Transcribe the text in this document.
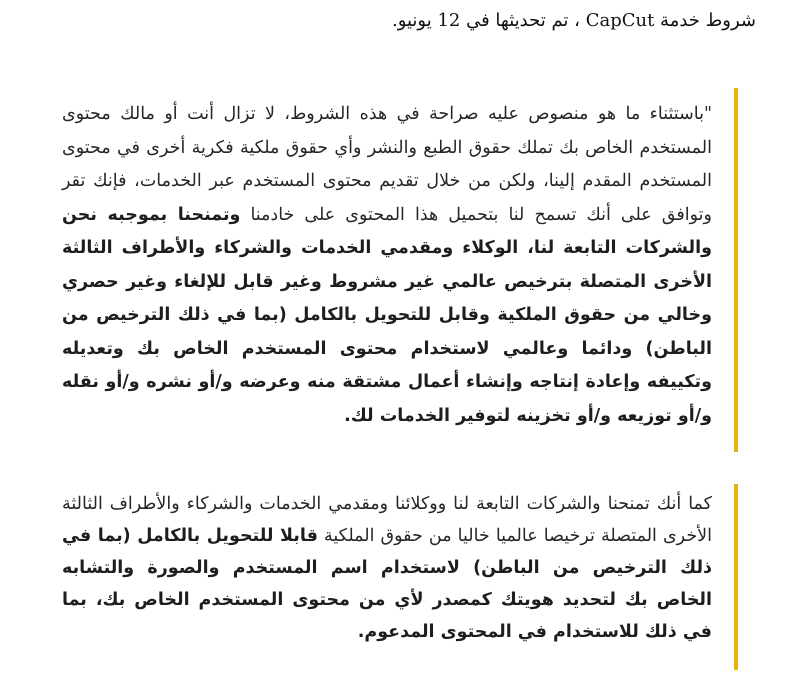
شروط خدمة CapCut ، تم تحديثها في 12 يونيو.

"باستثناء ما هو منصوص عليه صراحة في هذه الشروط، لا تزال أنت أو مالك محتوى المستخدم الخاص بك تملك حقوق الطبع والنشر وأي حقوق ملكية فكرية أخرى في محتوى المستخدم المقدم إلينا، ولكن من خلال تقديم محتوى المستخدم عبر الخدمات، فإنك تقر وتوافق على أنك تسمح لنا بتحميل هذا المحتوى على خادمنا وتمنحنا بموجبه نحن والشركات التابعة لنا، الوكلاء ومقدمي الخدمات والشركاء والأطراف الثالثة الأخرى المتصلة بترخيص عالمي غير مشروط وغير قابل للإلغاء وغير حصري وخالي من حقوق الملكية وقابل للتحويل بالكامل (بما في ذلك الترخيص من الباطن) ودائما وعالمي لاستخدام محتوى المستخدم الخاص بك وتعديله وتكييفه وإعادة إنتاجه وإنشاء أعمال مشتقة منه وعرضه و/أو نشره و/أو نقله و/أو توزيعه و/أو تخزينه لتوفير الخدمات لك.

كما أنك تمنحنا والشركات التابعة لنا ووكلائنا ومقدمي الخدمات والشركاء والأطراف الثالثة الأخرى المتصلة ترخيصا عالميا خاليا من حقوق الملكية قابلا للتحويل بالكامل (بما في ذلك الترخيص من الباطن) لاستخدام اسم المستخدم والصورة والتشابه الخاص بك لتحديد هويتك كمصدر لأي من محتوى المستخدم الخاص بك، بما في ذلك للاستخدام في المحتوى المدعوم.
